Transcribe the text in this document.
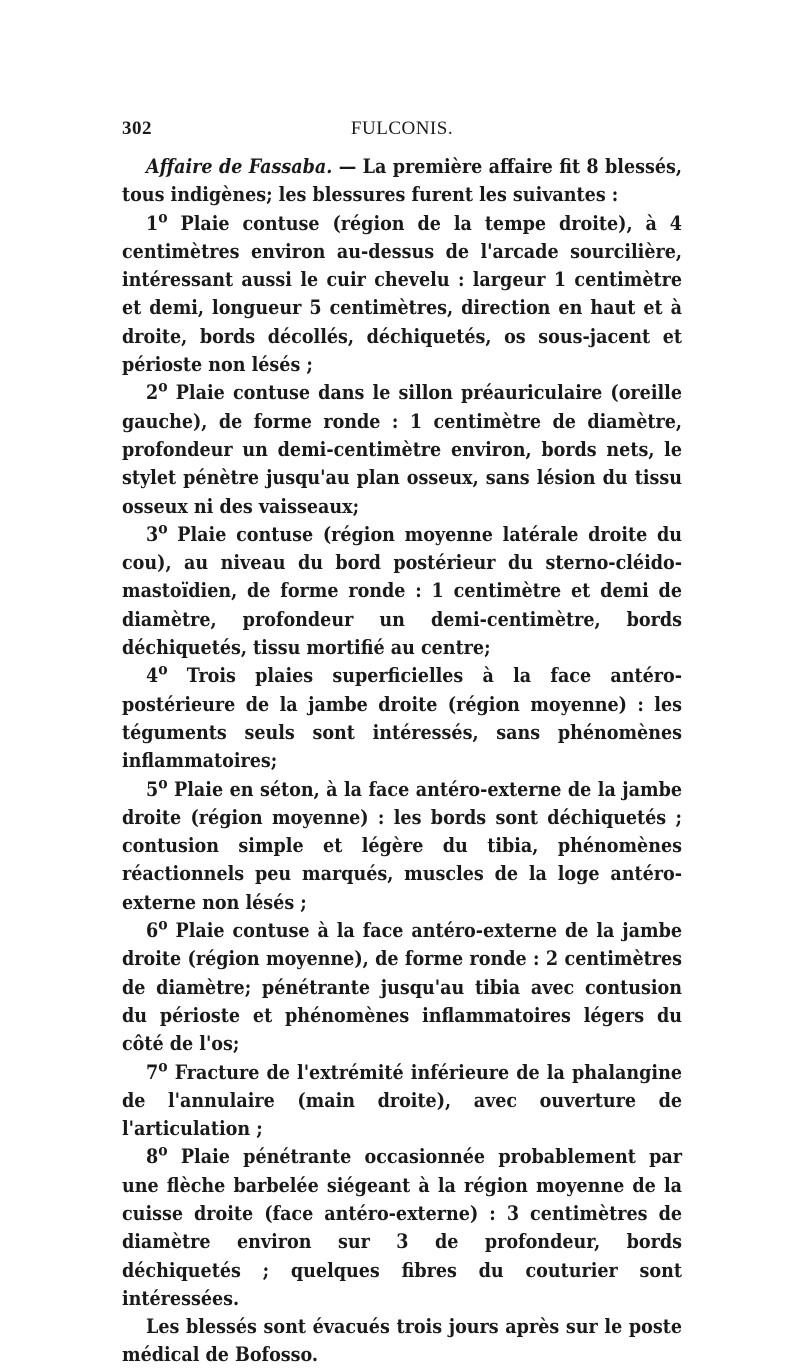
302	FULCONIS.

Affaire de Fassaba. — La première affaire fit 8 blessés, tous indigènes; les blessures furent les suivantes :

1$^o$ Plaie contuse (région de la tempe droite), à 4 centimètres environ au-dessus de l'arcade sourcilière, intéressant aussi le cuir chevelu : largeur 1 centimètre et demi, longueur 5 centimètres, direction en haut et à droite, bords décollés, déchiquetés, os sous-jacent et périoste non lésés ;

2$^o$ Plaie contuse dans le sillon préauriculaire (oreille gauche), de forme ronde : 1 centimètre de diamètre, profondeur un demi-centimètre environ, bords nets, le stylet pénètre jusqu'au plan osseux, sans lésion du tissu osseux ni des vaisseaux;

3$^o$ Plaie contuse (région moyenne latérale droite du cou), au niveau du bord postérieur du sterno-cléido-mastoïdien, de forme ronde : 1 centimètre et demi de diamètre, profondeur un demi-centimètre, bords déchiquetés, tissu mortifié au centre;

4$^o$ Trois plaies superficielles à la face antéro-postérieure de la jambe droite (région moyenne) : les téguments seuls sont intéressés, sans phénomènes inflammatoires;

5$^o$ Plaie en séton, à la face antéro-externe de la jambe droite (région moyenne) : les bords sont déchiquetés ; contusion simple et légère du tibia, phénomènes réactionnels peu marqués, muscles de la loge antéro-externe non lésés ;

6$^o$ Plaie contuse à la face antéro-externe de la jambe droite (région moyenne), de forme ronde : 2 centimètres de diamètre; pénétrante jusqu'au tibia avec contusion du périoste et phénomènes inflammatoires légers du côté de l'os;

7$^o$ Fracture de l'extrémité inférieure de la phalangine de l'annulaire (main droite), avec ouverture de l'articulation ;

8$^o$ Plaie pénétrante occasionnée probablement par une flèche barbelée siégeant à la région moyenne de la cuisse droite (face antéro-externe) : 3 centimètres de diamètre environ sur 3 de profondeur, bords déchiquetés ; quelques fibres du couturier sont intéressées.

Les blessés sont évacués trois jours après sur le poste médical de Bofosso.
